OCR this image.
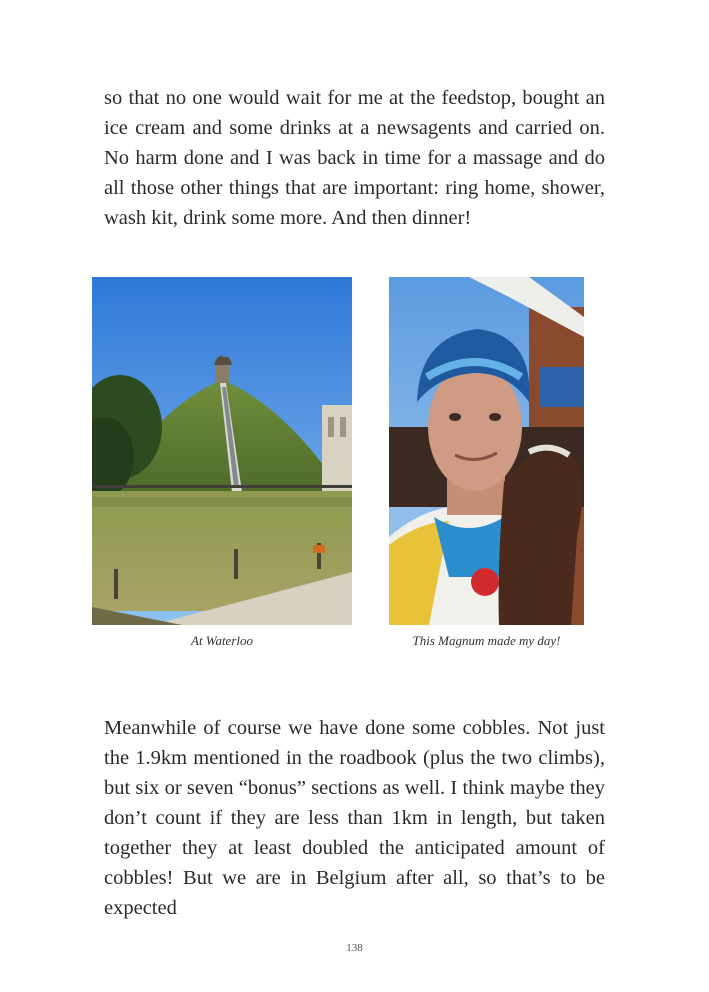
so that no one would wait for me at the feedstop, bought an ice cream and some drinks at a newsagents and carried on. No harm done and I was back in time for a massage and do all those other things that are important: ring home, shower, wash kit, drink some more. And then dinner!

At Waterloo	This Magnum made my day!

Meanwhile of course we have done some cobbles. Not just the 1.9km mentioned in the roadbook (plus the two climbs), but six or seven “bonus” sections as well. I think maybe they don’t count if they are less than 1km in length, but taken together they at least doubled the anticipated amount of cobbles! But we are in Belgium after all, so that’s to be expected

138
